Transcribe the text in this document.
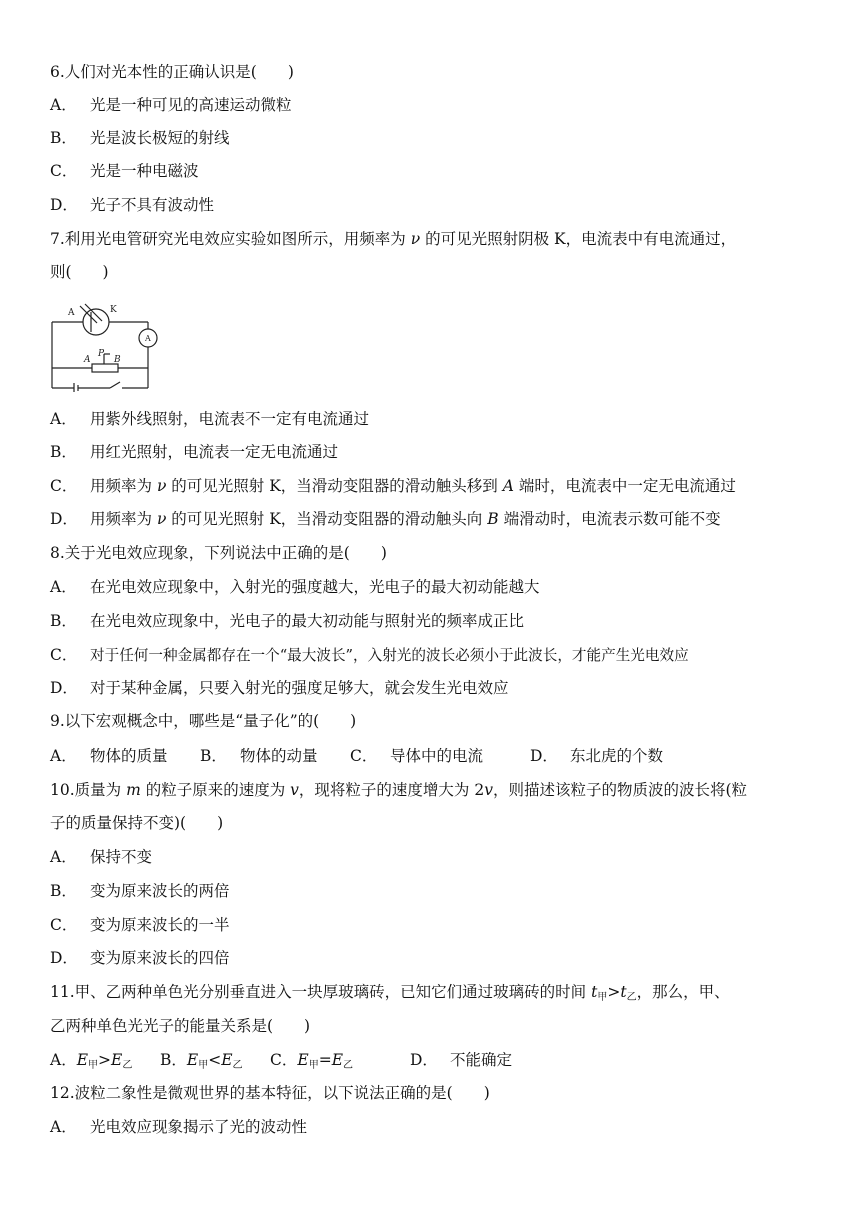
6.人们对光本性的正确认识是(　　)
A． 光是一种可见的高速运动微粒
B． 光是波长极短的射线
C． 光是一种电磁波
D． 光子不具有波动性
7.利用光电管研究光电效应实验如图所示，用频率为 ν 的可见光照射阴极 K，电流表中有电流通过，
则(　　)
A	K
A
A
P
B
A． 用紫外线照射，电流表不一定有电流通过
B． 用红光照射，电流表一定无电流通过
C． 用频率为 ν 的可见光照射 K，当滑动变阻器的滑动触头移到 A 端时，电流表中一定无电流通过
D． 用频率为 ν 的可见光照射 K，当滑动变阻器的滑动触头向 B 端滑动时，电流表示数可能不变
8.关于光电效应现象，下列说法中正确的是(　　)
A． 在光电效应现象中，入射光的强度越大，光电子的最大初动能越大
B． 在光电效应现象中，光电子的最大初动能与照射光的频率成正比
C． 对于任何一种金属都存在一个“最大波长”，入射光的波长必须小于此波长，才能产生光电效应
D． 对于某种金属，只要入射光的强度足够大，就会发生光电效应
9.以下宏观概念中，哪些是“量子化”的(　　)
A． 物体的质量 B． 物体的动量 C． 导体中的电流	D． 东北虎的个数
10.质量为 m 的粒子原来的速度为 v，现将粒子的速度增大为 2v，则描述该粒子的物质波的波长将(粒
子的质量保持不变)(　　)
A． 保持不变
B． 变为原来波长的两倍
C． 变为原来波长的一半
D． 变为原来波长的四倍
11.甲、乙两种单色光分别垂直进入一块厚玻璃砖，已知它们通过玻璃砖的时间 $t_甲>t_乙$，那么，甲、
乙两种单色光光子的能量关系是(　　)
A．$E_甲>E_乙$ B．$E_甲<E_乙$ C．$E_甲=E_乙$	D． 不能确定
12.波粒二象性是微观世界的基本特征，以下说法正确的是(　　)
A． 光电效应现象揭示了光的波动性
